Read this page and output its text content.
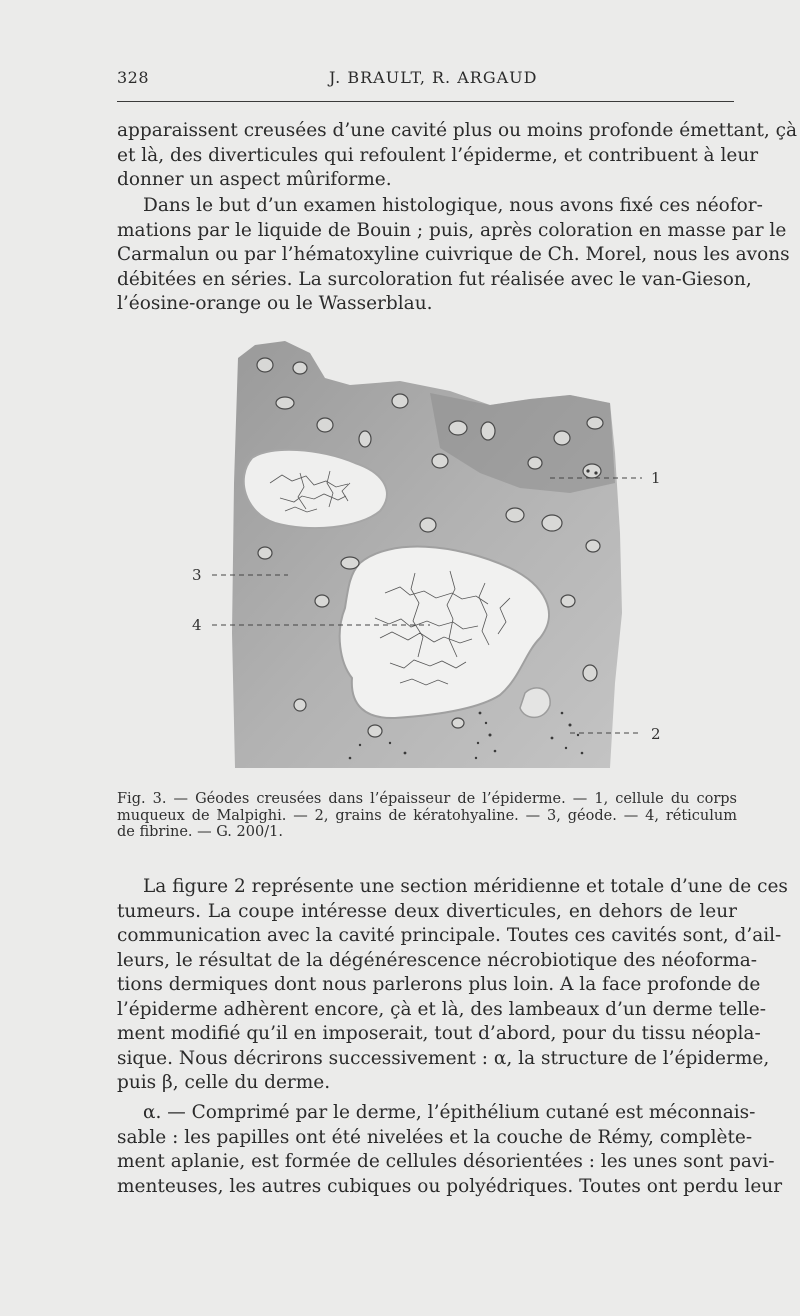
328	J. BRAULT, R. ARGAUD

apparaissent creusées d’une cavité plus ou moins profonde émettant, çà
et là, des diverticules qui refoulent l’épiderme, et contribuent à leur
donner un aspect mûriforme.

Dans le but d’un examen histologique, nous avons fixé ces néofor-
mations par le liquide de Bouin ; puis, après coloration en masse par le
Carmalun ou par l’hématoxyline cuivrique de Ch. Morel, nous les avons
débitées en séries. La surcoloration fut réalisée avec le van-Gieson,
l’éosine-orange ou le Wasserblau.

1
2
3
4
Fig. 3. — Géodes creusées dans l’épaisseur de l’épiderme. — 1, cellule du corps
muqueux de Malpighi. — 2, grains de kératohyaline. — 3, géode. — 4, réticulum
de fibrine. — G. 200/1.

La figure 2 représente une section méridienne et totale d’une de ces
tumeurs. La coupe intéresse deux diverticules, en dehors de leur
communication avec la cavité principale. Toutes ces cavités sont, d’ail-
leurs, le résultat de la dégénérescence nécrobiotique des néoforma-
tions dermiques dont nous parlerons plus loin. A la face profonde de
l’épiderme adhèrent encore, çà et là, des lambeaux d’un derme telle-
ment modifié qu’il en imposerait, tout d’abord, pour du tissu néopla-
sique. Nous décrirons successivement : α, la structure de l’épiderme,
puis β, celle du derme.

α. — Comprimé par le derme, l’épithélium cutané est méconnais-
sable : les papilles ont été nivelées et la couche de Rémy, complète-
ment aplanie, est formée de cellules désorientées : les unes sont pavi-
menteuses, les autres cubiques ou polyédriques. Toutes ont perdu leur
